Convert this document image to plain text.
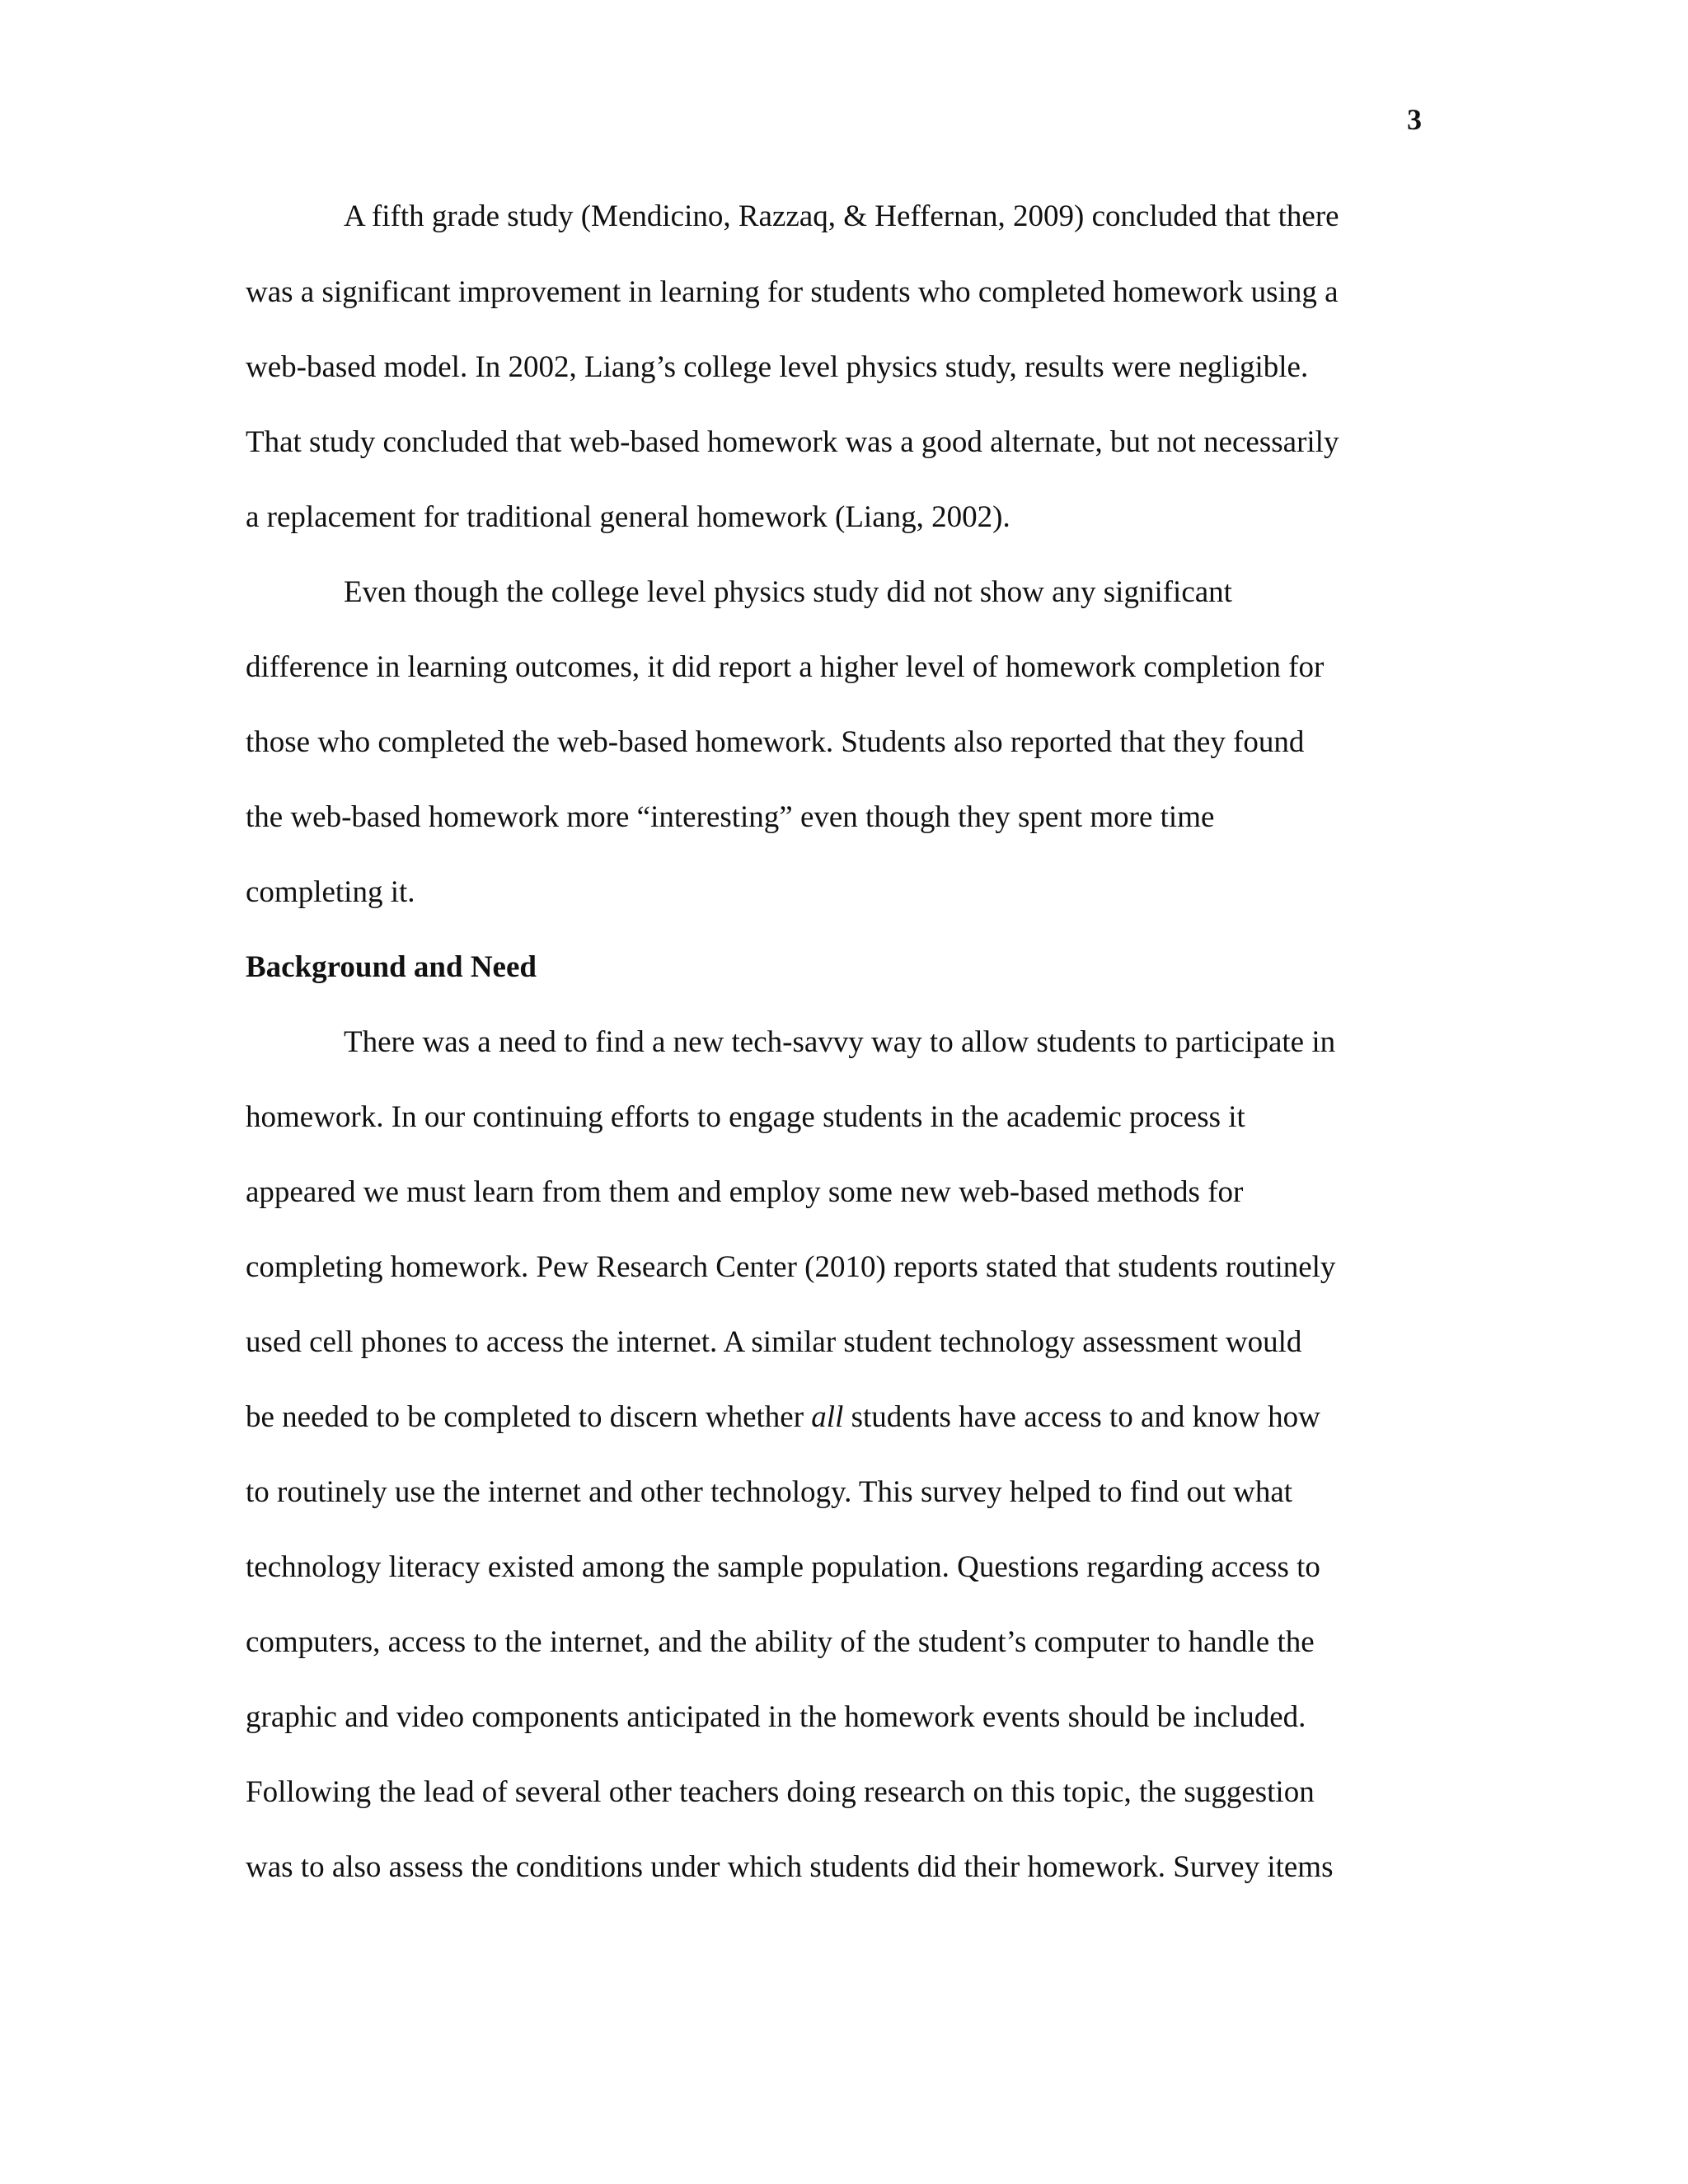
3
A fifth grade study (Mendicino, Razzaq, & Heffernan, 2009) concluded that there
was a significant improvement in learning for students who completed homework using a
web-based model. In 2002, Liang’s college level physics study, results were negligible.
That study concluded that web-based homework was a good alternate, but not necessarily
a replacement for traditional general homework (Liang, 2002).
Even though the college level physics study did not show any significant
difference in learning outcomes, it did report a higher level of homework completion for
those who completed the web-based homework. Students also reported that they found
the web-based homework more “interesting” even though they spent more time
completing it.
Background and Need
There was a need to find a new tech-savvy way to allow students to participate in
homework. In our continuing efforts to engage students in the academic process it
appeared we must learn from them and employ some new web-based methods for
completing homework. Pew Research Center (2010) reports stated that students routinely
used cell phones to access the internet. A similar student technology assessment would
be needed to be completed to discern whether all students have access to and know how
to routinely use the internet and other technology. This survey helped to find out what
technology literacy existed among the sample population. Questions regarding access to
computers, access to the internet, and the ability of the student’s computer to handle the
graphic and video components anticipated in the homework events should be included.
Following the lead of several other teachers doing research on this topic, the suggestion
was to also assess the conditions under which students did their homework. Survey items
